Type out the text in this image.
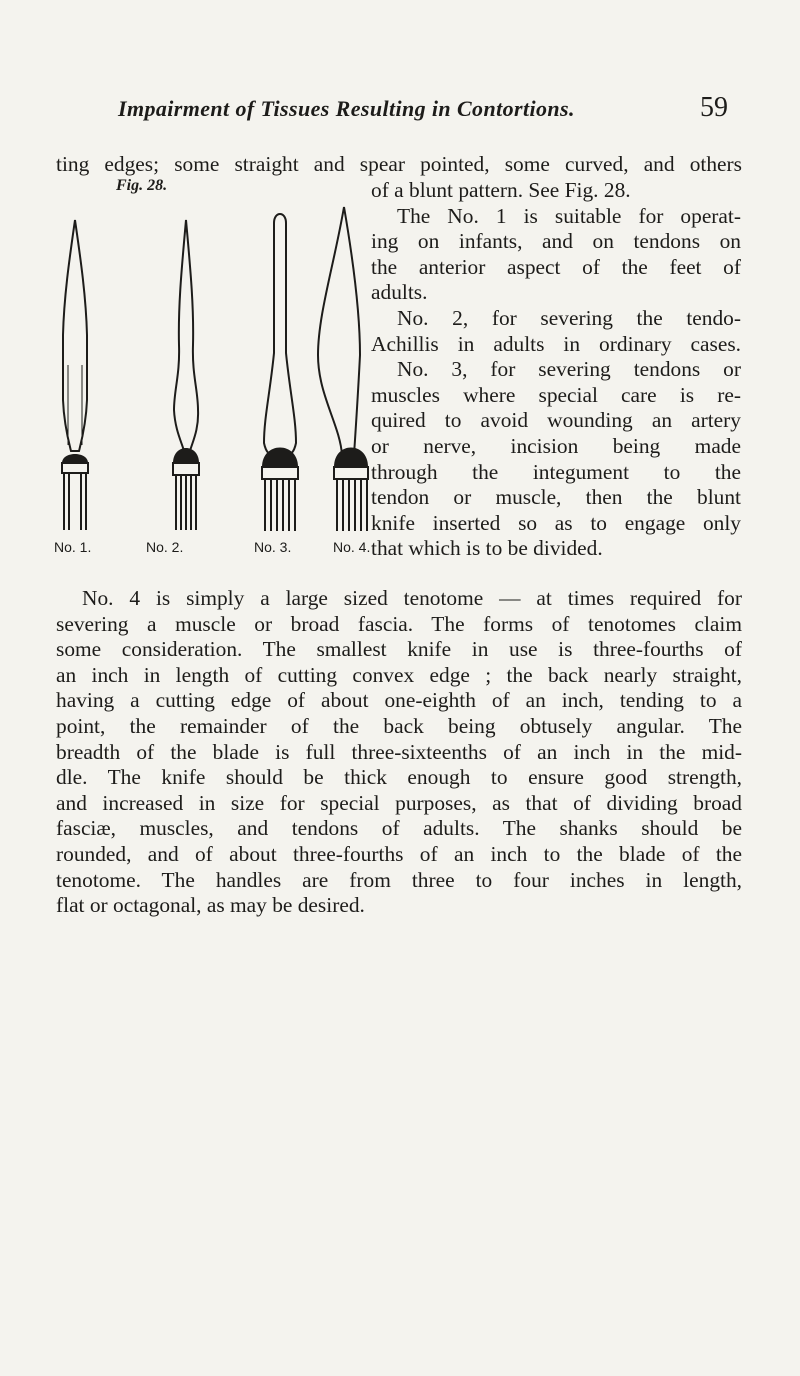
Impairment of Tissues Resulting in Contortions.	59
ting edges; some straight and spear pointed, some curved, and others
Fig. 28.
No. 1.	No. 2.	No. 3.	No. 4.
of a blunt pattern. See Fig. 28.
The No. 1 is suitable for operat-
ing on infants, and on tendons on
the anterior aspect of the feet of
adults.
No. 2, for severing the tendo-
Achillis in adults in ordinary cases.
No. 3, for severing tendons or
muscles where special care is re-
quired to avoid wounding an artery
or nerve, incision being made
through the integument to the
tendon or muscle, then the blunt
knife inserted so as to engage only
that which is to be divided.
No. 4 is simply a large sized tenotome — at times required for
severing a muscle or broad fascia. The forms of tenotomes claim
some consideration. The smallest knife in use is three-fourths of
an inch in length of cutting convex edge ; the back nearly straight,
having a cutting edge of about one-eighth of an inch, tending to a
point, the remainder of the back being obtusely angular. The
breadth of the blade is full three-sixteenths of an inch in the mid-
dle. The knife should be thick enough to ensure good strength,
and increased in size for special purposes, as that of dividing broad
fasciæ, muscles, and tendons of adults. The shanks should be
rounded, and of about three-fourths of an inch to the blade of the
tenotome. The handles are from three to four inches in length,
flat or octagonal, as may be desired.
